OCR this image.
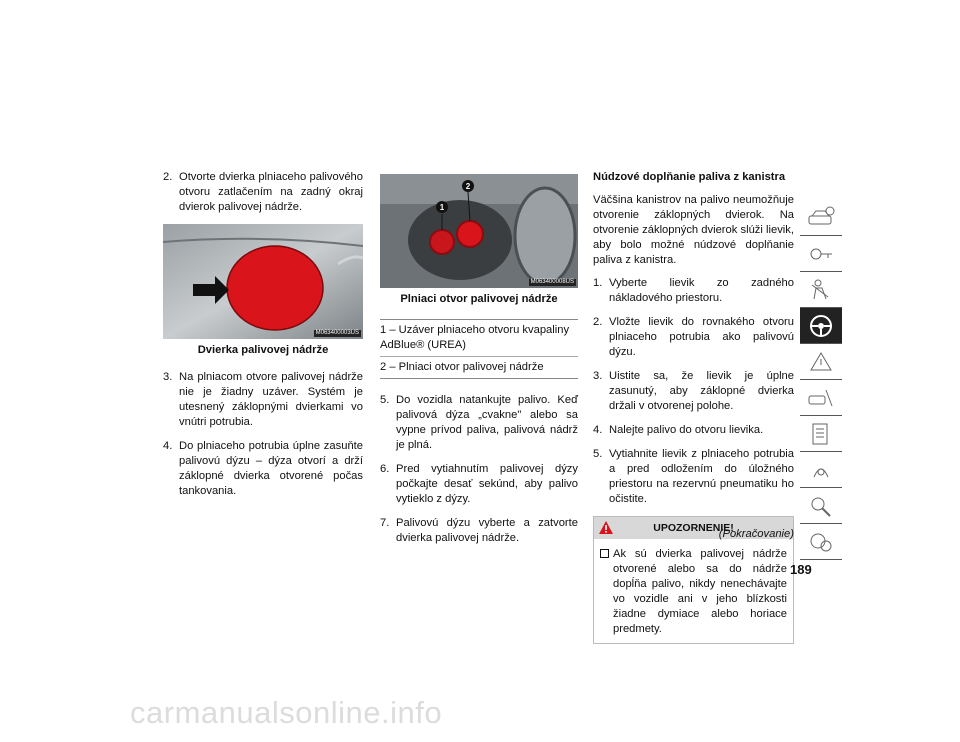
2. Otvorte dvierka plniaceho palivového otvoru zatlačením na zadný okraj dvierok palivovej nádrže.
M063400003US

Dvierka palivovej nádrže

3. Na plniacom otvore palivovej nádrže nie je žiadny uzáver. Systém je utesnený záklopnými dvierkami vo vnútri potrubia.
4. Do plniaceho potrubia úplne zasuňte palivovú dýzu – dýza otvorí a drží záklopné dvierka otvorené počas tankovania.
1
2
M063400008US

Plniaci otvor palivovej nádrže

1 – Uzáver plniaceho otvoru kvapaliny AdBlue® (UREA)
2 – Plniaci otvor palivovej nádrže
5. Do vozidla natankujte palivo. Keď palivová dýza „cvakne" alebo sa vypne prívod paliva, palivová nádrž je plná.
6. Pred vytiahnutím palivovej dýzy počkajte desať sekúnd, aby palivo vytieklo z dýzy.
7. Palivovú dýzu vyberte a zatvorte dvierka palivovej nádrže.

Núdzové doplňanie paliva z kanistra

Väčšina kanistrov na palivo neumožňuje otvorenie záklopných dvierok. Na otvorenie záklopných dvierok slúži lievik, aby bolo možné núdzové doplňanie paliva z kanistra.

1. Vyberte lievik zo zadného nákladového priestoru.
2. Vložte lievik do rovnakého otvoru plniaceho potrubia ako palivovú dýzu.
3. Uistite sa, že lievik je úplne zasunutý, aby záklopné dvierka držali v otvorenej polohe.
4. Nalejte palivo do otvoru lievika.
5. Vytiahnite lievik z plniaceho potrubia a pred odložením do úložného priestoru na rezervnú pneumatiku ho očistite.
UPOZORNENIE!
Ak sú dvierka palivovej nádrže otvorené alebo sa do nádrže dopĺňa palivo, nikdy nenechávajte vo vozidle ani v jeho blízkosti žiadne dymiace alebo horiace predmety.
(Pokračovanie)
189
carmanualsonline.info
